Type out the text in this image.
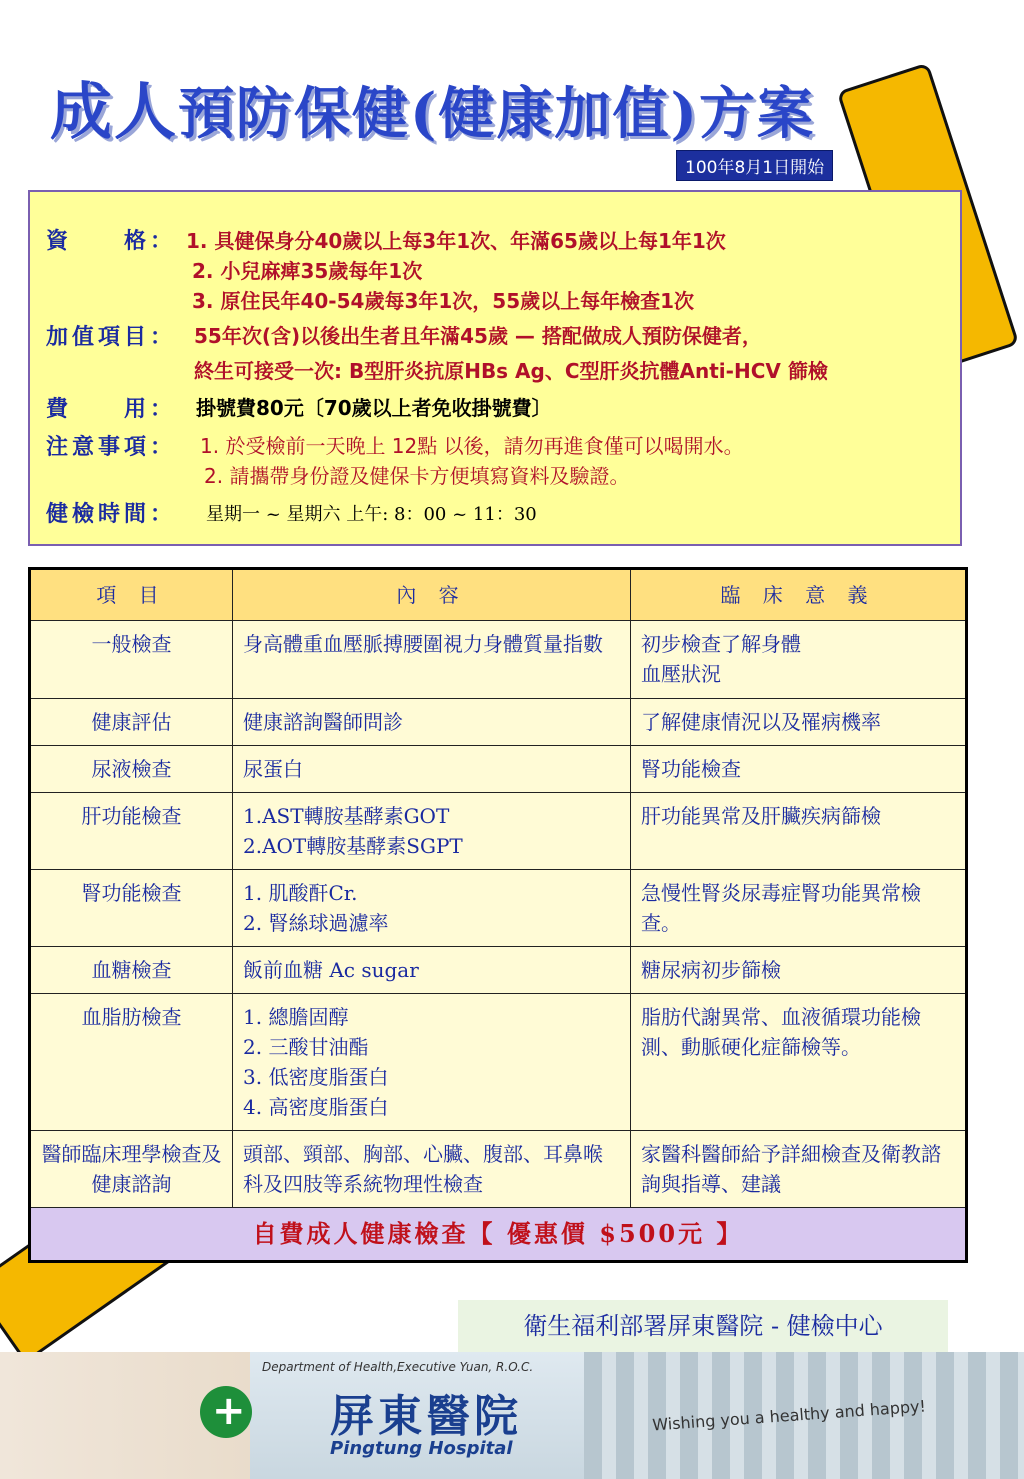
成人預防保健(健康加值)方案
100年8月1日開始
資　　格： 1. 具健保身分40歲以上每3年1次、年滿65歲以上每1年1次
2. 小兒麻痺35歲每年1次
3. 原住民年40-54歲每3年1次，55歲以上每年檢查1次
加值項目： 55年次(含)以後出生者且年滿45歲 — 搭配做成人預防保健者，
終生可接受一次: B型肝炎抗原HBs Ag、C型肝炎抗體Anti-HCV 篩檢
費　　用： 掛號費80元〔70歲以上者免收掛號費〕
注意事項： 1. 於受檢前一天晚上 12點 以後，請勿再進食僅可以喝開水。
2. 請攜帶身份證及健保卡方便填寫資料及驗證。
健檢時間： 星期一 ~ 星期六 上午: 8：00 ~ 11：30
項 目	內 容	臨 床 意 義
一般檢查	身高體重血壓脈搏腰圍視力身體質量指數	初步檢查了解身體
血壓狀況

健康評估	健康諮詢醫師問診	了解健康情況以及罹病機率

尿液檢查	尿蛋白	腎功能檢查

肝功能檢查	1.AST轉胺基酵素GOT
2.AOT轉胺基酵素SGPT	肝功能異常及肝臟疾病篩檢

腎功能檢查	1. 肌酸酐Cr.
2. 腎絲球過濾率	急慢性腎炎尿毒症腎功能異常檢查。

血糖檢查	飯前血糖 Ac sugar	糖尿病初步篩檢

血脂肪檢查	1. 總膽固醇
2. 三酸甘油酯
3. 低密度脂蛋白
4. 高密度脂蛋白	脂肪代謝異常、血液循環功能檢測、動脈硬化症篩檢等。

醫師臨床理學檢查及健康諮詢	頭部、頸部、胸部、心臟、腹部、耳鼻喉科及四肢等系統物理性檢查	家醫科醫師給予詳細檢查及衛教諮詢與指導、建議

自費成人健康檢查【 優惠價 $500元 】		
衛生福利部署屏東醫院 - 健檢中心
Department of Health,Executive Yuan, R.O.C.
+
屏東醫院
Pingtung Hospital
Wishing you a healthy and happy!
